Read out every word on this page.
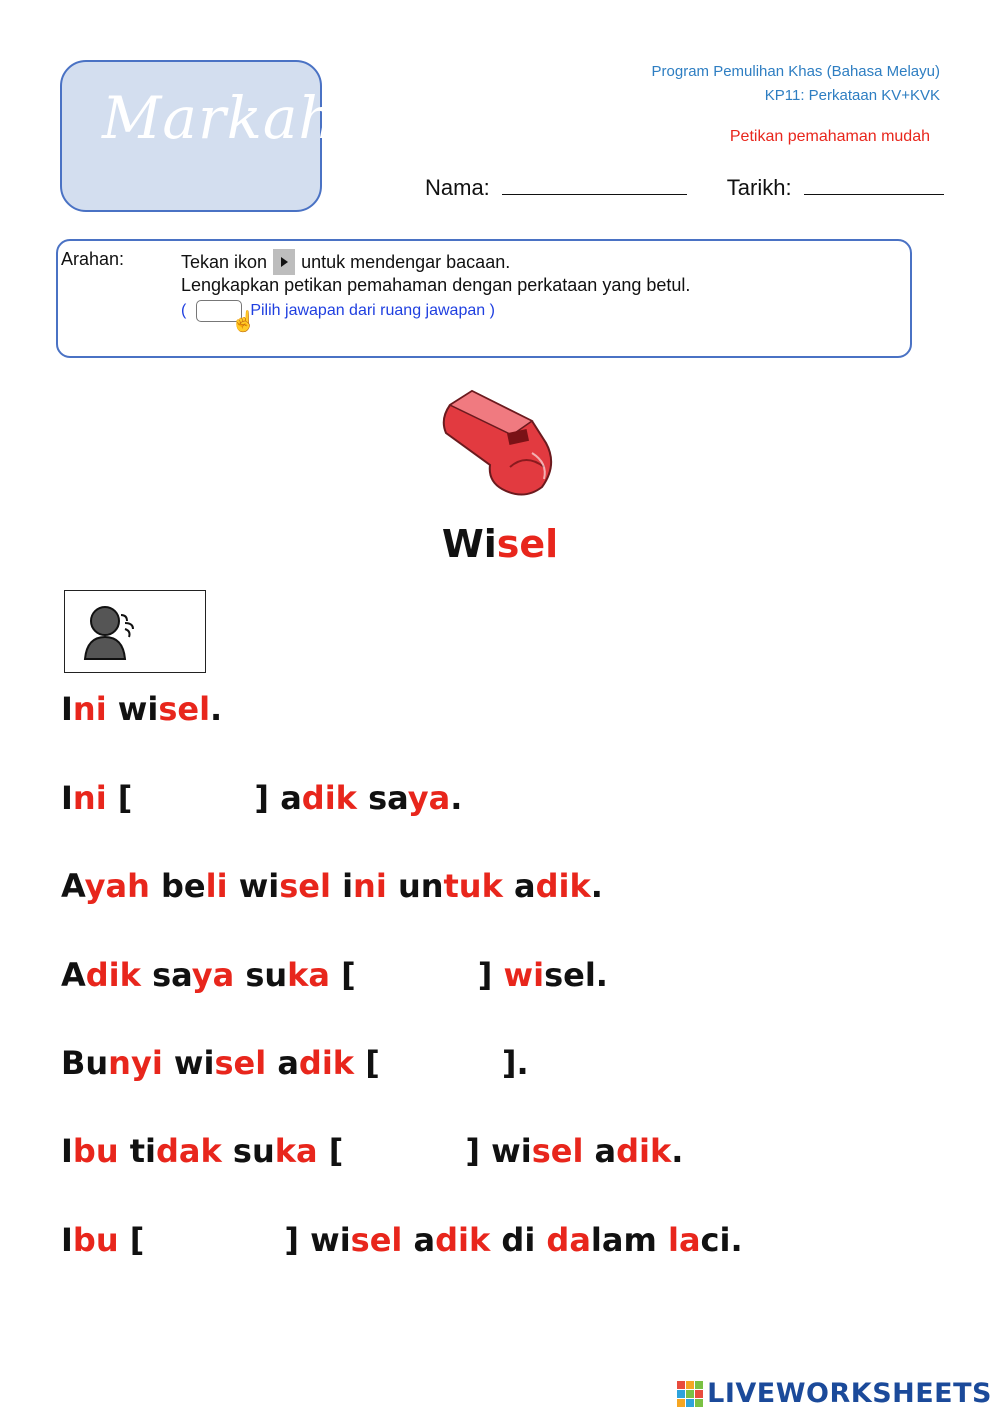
Markah
Program Pemulihan Khas (Bahasa Melayu)
KP11: Perkataan KV+KVK
Petikan pemahaman mudah
Nama:	Tarikh:
Arahan:	Tekan ikon untuk mendengar bacaan.
Lengkapkan petikan pemahaman dengan perkataan yang betul.
(
☝
Pilih jawapan dari ruang jawapan )
Wisel
Ini wisel.
Ini [	] adik saya.
Ayah beli wisel ini untuk adik.
Adik saya suka [	] wisel.
Bunyi wisel adik [	].
Ibu tidak suka [	] wisel adik.
Ibu [	] wisel adik di dalam laci.
LIVEWORKSHEETS
